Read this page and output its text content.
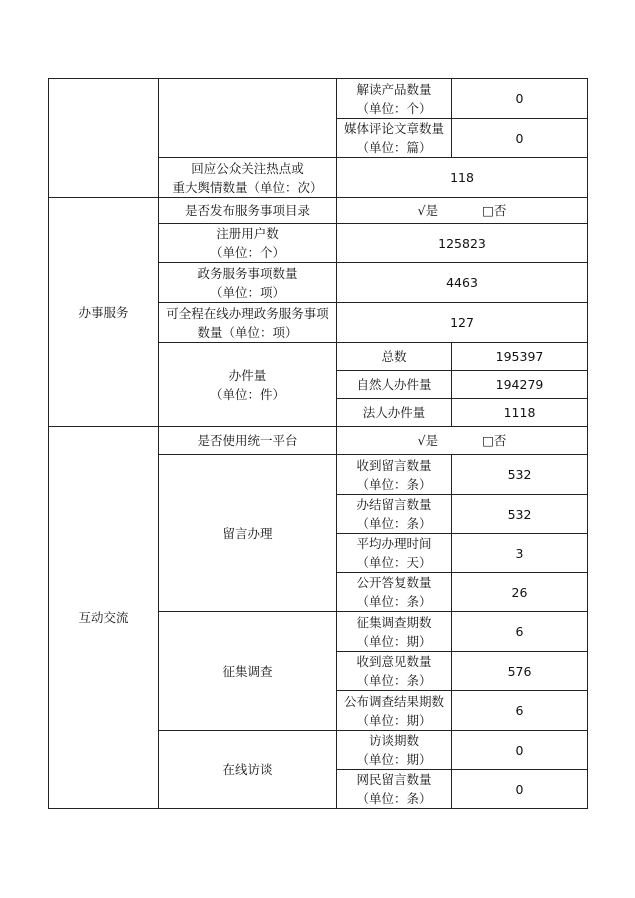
		解读产品数量
（单位：个）	0

		媒体评论文章数量
（单位：篇）	0

	回应公众关注热点或
重大舆情数量（单位：次）	118	
办事服务	是否发布服务事项目录	√是 □否	

	注册用户数
（单位：个）	125823	

	政务服务事项数量
（单位：项）	4463	

	可全程在线办理政务服务事项
数量（单位：项）	127	

	办件量
（单位：件）	总数	195397
		自然人办件量	194279
		法人办件量	1118
互动交流	是否使用统一平台	√是 □否	
	留言办理	收到留言数量
（单位：条）	532

		办结留言数量
（单位：条）	532

		平均办理时间
（单位：天）	3

		公开答复数量
（单位：条）	26
	征集调查	征集调查期数
（单位：期）	6

		收到意见数量
（单位：条）	576

		公布调查结果期数
（单位：期）	6
	在线访谈	访谈期数
（单位：期）	0

		网民留言数量
（单位：条）	0
